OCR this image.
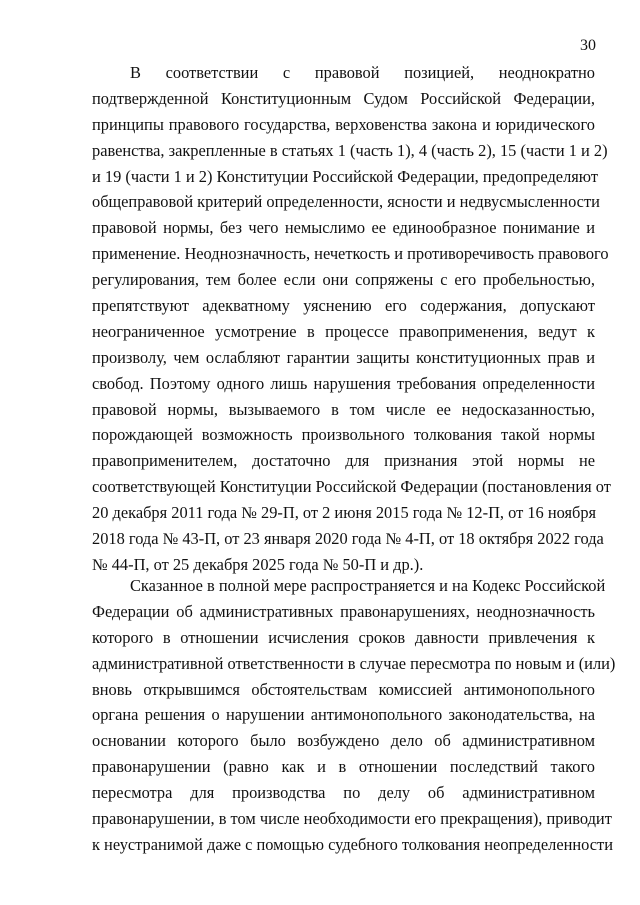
30
В соответствии с правовой позицией, неоднократно
подтвержденной Конституционным Судом Российской Федерации,
принципы правового государства, верховенства закона и юридического
равенства, закрепленные в статьях 1 (часть 1), 4 (часть 2), 15 (части 1 и 2)
и 19 (части 1 и 2) Конституции Российской Федерации, предопределяют
общеправовой критерий определенности, ясности и недвусмысленности
правовой нормы, без чего немыслимо ее единообразное понимание и
применение. Неоднозначность, нечеткость и противоречивость правового
регулирования, тем более если они сопряжены с его пробельностью,
препятствуют адекватному уяснению его содержания, допускают
неограниченное усмотрение в процессе правоприменения, ведут к
произволу, чем ослабляют гарантии защиты конституционных прав и
свобод. Поэтому одного лишь нарушения требования определенности
правовой нормы, вызываемого в том числе ее недосказанностью,
порождающей возможность произвольного толкования такой нормы
правоприменителем, достаточно для признания этой нормы не
соответствующей Конституции Российской Федерации (постановления от
20 декабря 2011 года № 29-П, от 2 июня 2015 года № 12-П, от 16 ноября
2018 года № 43-П, от 23 января 2020 года № 4-П, от 18 октября 2022 года
№ 44-П, от 25 декабря 2025 года № 50-П и др.).
Сказанное в полной мере распространяется и на Кодекс Российской
Федерации об административных правонарушениях, неоднозначность
которого в отношении исчисления сроков давности привлечения к
административной ответственности в случае пересмотра по новым и (или)
вновь открывшимся обстоятельствам комиссией антимонопольного
органа решения о нарушении антимонопольного законодательства, на
основании которого было возбуждено дело об административном
правонарушении (равно как и в отношении последствий такого
пересмотра для производства по делу об административном
правонарушении, в том числе необходимости его прекращения), приводит
к неустранимой даже с помощью судебного толкования неопределенности
